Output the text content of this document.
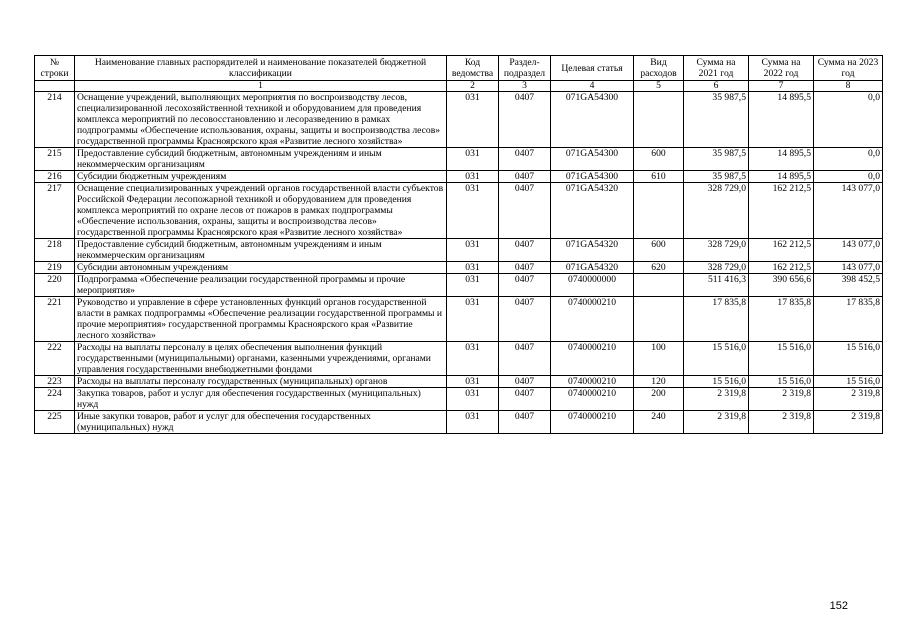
№ строки	Наименование главных распорядителей и наименование показателей бюджетной классификации	Код ведомства	Раздел-подраздел	Целевая статья	Вид расходов	Сумма на 2021 год	Сумма на 2022 год	Сумма на 2023 год
	1	2	3	4	5	6	7	8
214	Оснащение учреждений, выполняющих мероприятия по воспроизводству лесов, специализированной лесохозяйственной техникой и оборудованием для проведения комплекса мероприятий по лесовосстановлению и лесоразведению в рамках подпрограммы «Обеспечение использования, охраны, защиты и воспроизводства лесов» государственной программы Красноярского края «Развитие лесного хозяйства»	031	0407	071GA54300		35 987,5	14 895,5	0,0
215	Предоставление субсидий бюджетным, автономным учреждениям и иным некоммерческим организациям	031	0407	071GA54300	600	35 987,5	14 895,5	0,0
216	Субсидии бюджетным учреждениям	031	0407	071GA54300	610	35 987,5	14 895,5	0,0
217	Оснащение специализированных учреждений органов государственной власти субъектов Российской Федерации лесопожарной техникой и оборудованием для проведения комплекса мероприятий по охране лесов от пожаров в рамках подпрограммы «Обеспечение использования, охраны, защиты и воспроизводства лесов» государственной программы Красноярского края «Развитие лесного хозяйства»	031	0407	071GA54320		328 729,0	162 212,5	143 077,0
218	Предоставление субсидий бюджетным, автономным учреждениям и иным некоммерческим организациям	031	0407	071GA54320	600	328 729,0	162 212,5	143 077,0
219	Субсидии автономным учреждениям	031	0407	071GA54320	620	328 729,0	162 212,5	143 077,0
220	Подпрограмма «Обеспечение реализации государственной программы и прочие мероприятия»	031	0407	0740000000		511 416,3	390 656,6	398 452,5
221	Руководство и управление в сфере установленных функций органов государственной власти в рамках подпрограммы «Обеспечение реализации государственной программы и прочие мероприятия» государственной программы Красноярского края «Развитие лесного хозяйства»	031	0407	0740000210		17 835,8	17 835,8	17 835,8
222	Расходы на выплаты персоналу в целях обеспечения выполнения функций государственными (муниципальными) органами, казенными учреждениями, органами управления государственными внебюджетными фондами	031	0407	0740000210	100	15 516,0	15 516,0	15 516,0
223	Расходы на выплаты персоналу государственных (муниципальных) органов	031	0407	0740000210	120	15 516,0	15 516,0	15 516,0
224	Закупка товаров, работ и услуг для обеспечения государственных (муниципальных) нужд	031	0407	0740000210	200	2 319,8	2 319,8	2 319,8
225	Иные закупки товаров, работ и услуг для обеспечения государственных (муниципальных) нужд	031	0407	0740000210	240	2 319,8	2 319,8	2 319,8
152
